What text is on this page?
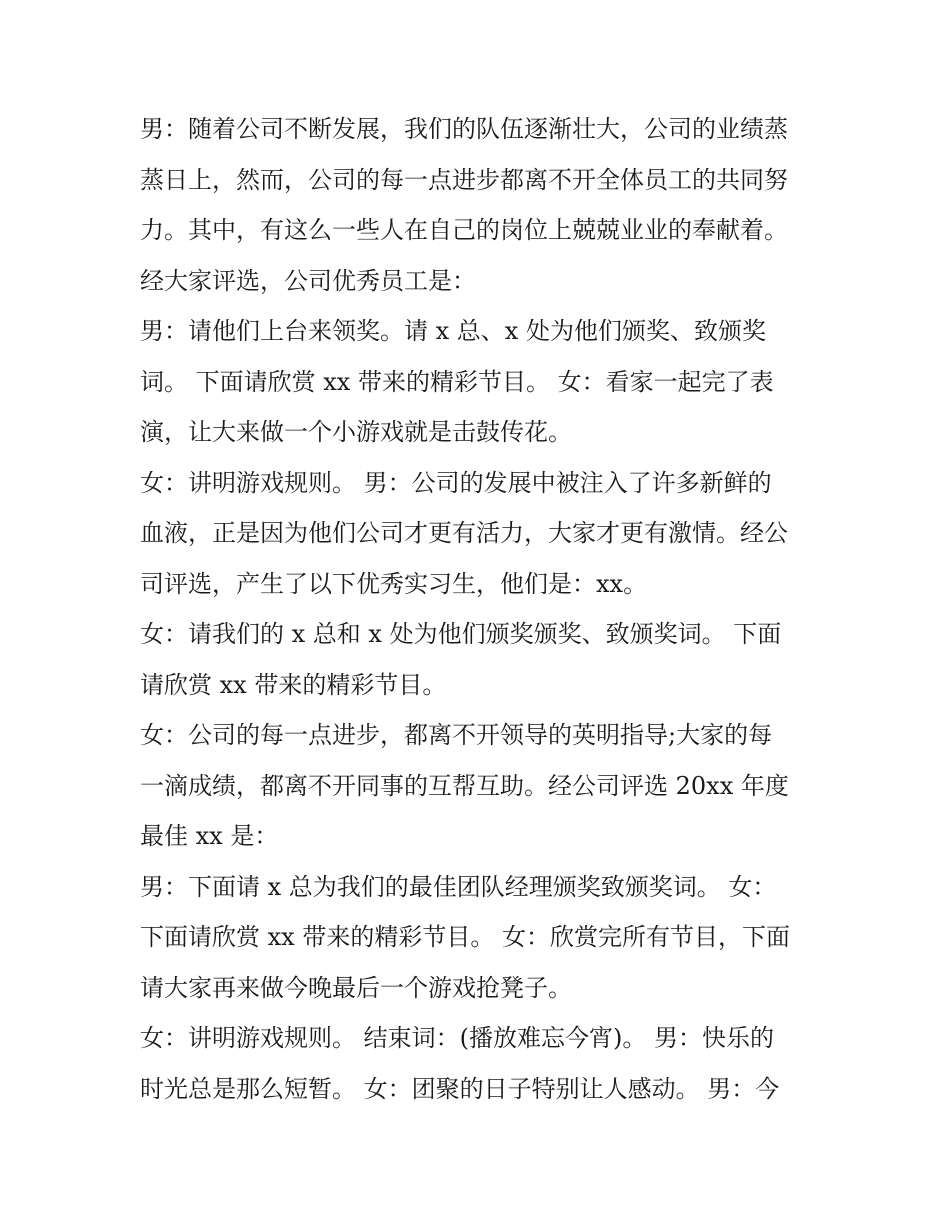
男：随着公司不断发展，我们的队伍逐渐壮大，公司的业绩蒸
蒸日上，然而，公司的每一点进步都离不开全体员工的共同努
力。其中，有这么一些人在自己的岗位上兢兢业业的奉献着。
经大家评选，公司优秀员工是：

男：请他们上台来领奖。请 x 总、x 处为他们颁奖、致颁奖
词。 下面请欣赏 xx 带来的精彩节目。 女：看家一起完了表
演，让大来做一个小游戏就是击鼓传花。

女：讲明游戏规则。 男：公司的发展中被注入了许多新鲜的
血液，正是因为他们公司才更有活力，大家才更有激情。经公
司评选，产生了以下优秀实习生，他们是：xx。

女：请我们的 x 总和 x 处为他们颁奖颁奖、致颁奖词。 下面
请欣赏 xx 带来的精彩节目。

女：公司的每一点进步，都离不开领导的英明指导;大家的每
一滴成绩，都离不开同事的互帮互助。经公司评选 20xx 年度
最佳 xx 是：

男：下面请 x 总为我们的最佳团队经理颁奖致颁奖词。 女：
下面请欣赏 xx 带来的精彩节目。 女：欣赏完所有节目，下面
请大家再来做今晚最后一个游戏抢凳子。

女：讲明游戏规则。 结束词：(播放难忘今宵)。 男：快乐的
时光总是那么短暂。 女：团聚的日子特别让人感动。 男：今
